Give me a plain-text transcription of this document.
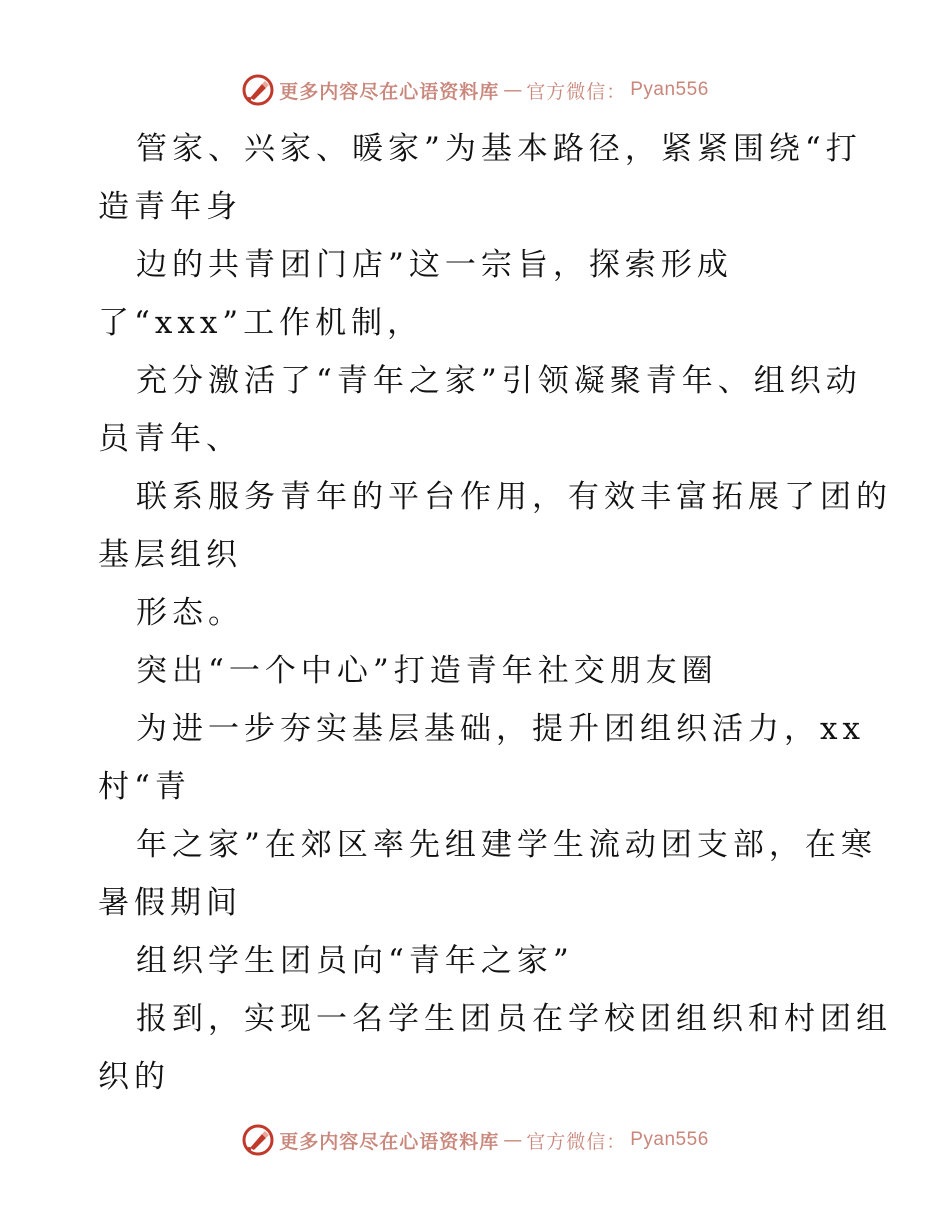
更多内容尽在心语资料库 — 官方微信： Pyan556
管家、兴家、暖家”为基本路径，紧紧围绕“打
造青年身
边的共青团门店”这一宗旨，探索形成
了“xxx”工作机制，
充分激活了“青年之家”引领凝聚青年、组织动
员青年、
联系服务青年的平台作用，有效丰富拓展了团的
基层组织
形态。
突出“一个中心”打造青年社交朋友圈
为进一步夯实基层基础，提升团组织活力，xx
村“青
年之家”在郊区率先组建学生流动团支部，在寒
暑假期间
组织学生团员向“青年之家”
报到，实现一名学生团员在学校团组织和村团组
织的
更多内容尽在心语资料库 — 官方微信： Pyan556
